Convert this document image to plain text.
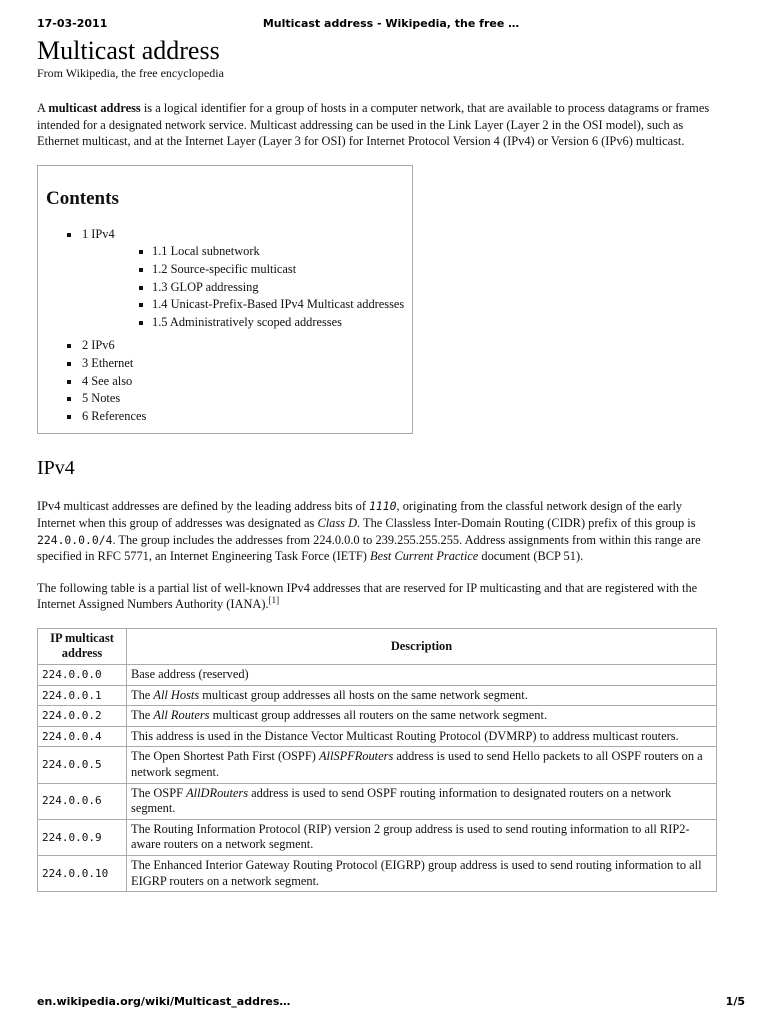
17-03-2011	Multicast address - Wikipedia, the free …
Multicast address
From Wikipedia, the free encyclopedia

A multicast address is a logical identifier for a group of hosts in a computer network, that are available to process datagrams or frames intended for a designated network service. Multicast addressing can be used in the Link Layer (Layer 2 in the OSI model), such as Ethernet multicast, and at the Internet Layer (Layer 3 for OSI) for Internet Protocol Version 4 (IPv4) or Version 6 (IPv6) multicast.

Contents
1 IPv4
1.1 Local subnetwork
1.2 Source-specific multicast
1.3 GLOP addressing
1.4 Unicast-Prefix-Based IPv4 Multicast addresses
1.5 Administratively scoped addresses
2 IPv6
3 Ethernet
4 See also
5 Notes
6 References
IPv4

IPv4 multicast addresses are defined by the leading address bits of 1110, originating from the classful network design of the early Internet when this group of addresses was designated as Class D. The Classless Inter-Domain Routing (CIDR) prefix of this group is 224.0.0.0/4. The group includes the addresses from 224.0.0.0 to 239.255.255.255. Address assignments from within this range are specified in RFC 5771, an Internet Engineering Task Force (IETF) Best Current Practice document (BCP 51).

The following table is a partial list of well-known IPv4 addresses that are reserved for IP multicasting and that are registered with the Internet Assigned Numbers Authority (IANA).[1]

IP multicast address	Description
224.0.0.0	Base address (reserved)
224.0.0.1	The All Hosts multicast group addresses all hosts on the same network segment.
224.0.0.2	The All Routers multicast group addresses all routers on the same network segment.
224.0.0.4	This address is used in the Distance Vector Multicast Routing Protocol (DVMRP) to address multicast routers.
224.0.0.5	The Open Shortest Path First (OSPF) AllSPFRouters address is used to send Hello packets to all OSPF routers on a network segment.
224.0.0.6	The OSPF AllDRouters address is used to send OSPF routing information to designated routers on a network segment.
224.0.0.9	The Routing Information Protocol (RIP) version 2 group address is used to send routing information to all RIP2-aware routers on a network segment.
224.0.0.10	The Enhanced Interior Gateway Routing Protocol (EIGRP) group address is used to send routing information to all EIGRP routers on a network segment.
en.wikipedia.org/wiki/Multicast_addres…	1/5
